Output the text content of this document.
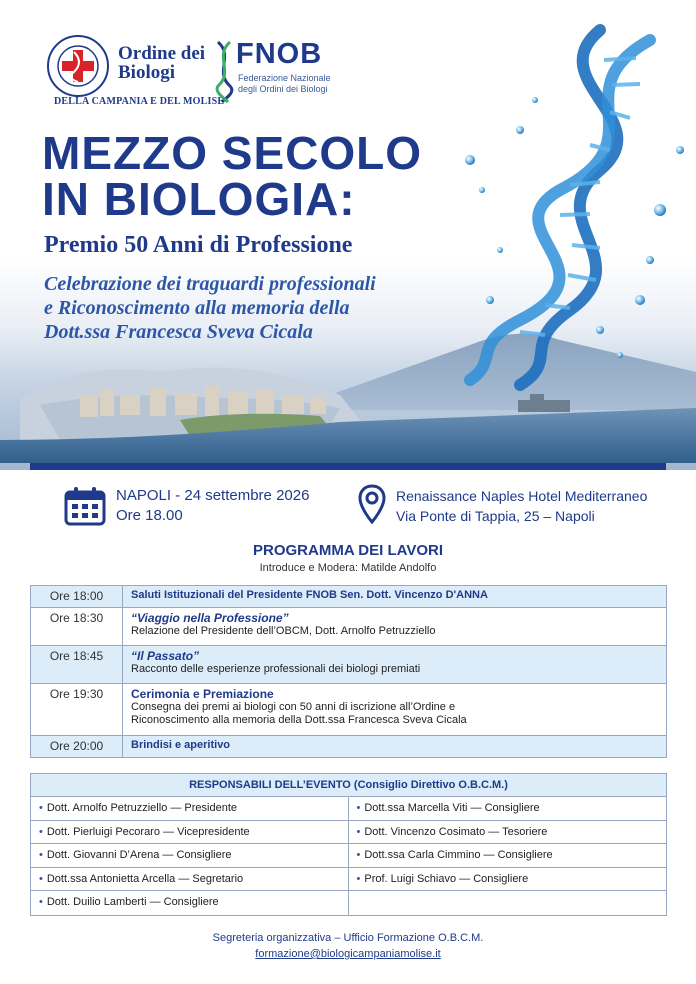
Ordine dei
Biologi
DELLA CAMPANIA E DEL MOLISE
FNOB
Federazione Nazionale
degli Ordini dei Biologi
MEZZO SECOLO
IN BIOLOGIA:
Premio 50 Anni di Professione
Celebrazione dei traguardi professionali
e Riconoscimento alla memoria della
Dott.ssa Francesca Sveva Cicala
NAPOLI - 24 settembre 2026
Ore 18.00
Renaissance Naples Hotel Mediterraneo
Via Ponte di Tappia, 25 – Napoli
PROGRAMMA DEI LAVORI
Introduce e Modera: Matilde Andolfo
Ore 18:00	Saluti Istituzionali del Presidente FNOB Sen. Dott. Vincenzo D'ANNA

Ore 18:30	“Viaggio nella Professione”
Relazione del Presidente dell’OBCM, Dott. Arnolfo Petruzziello

Ore 18:45	“Il Passato”
Racconto delle esperienze professionali dei biologi premiati

Ore 19:30	Cerimonia e Premiazione
Consegna dei premi ai biologi con 50 anni di iscrizione all’Ordine e Riconoscimento alla memoria della Dott.ssa Francesca Sveva Cicala

Ore 20:00	Brindisi e aperitivo
RESPONSABILI DELL’EVENTO (Consiglio Direttivo O.B.C.M.)
• Dott. Arnolfo Petruzziello — Presidente
• Dott. Pierluigi Pecoraro — Vicepresidente
• Dott. Giovanni D’Arena — Consigliere
• Dott.ssa Antonietta Arcella — Segretario
• Dott. Duilio Lamberti — Consigliere
• Dott.ssa Marcella Viti — Consigliere
• Dott. Vincenzo Cosimato — Tesoriere
• Dott.ssa Carla Cimmino — Consigliere
• Prof. Luigi Schiavo — Consigliere
Segreteria organizzativa – Ufficio Formazione O.B.C.M.
formazione@biologicampaniamolise.it
